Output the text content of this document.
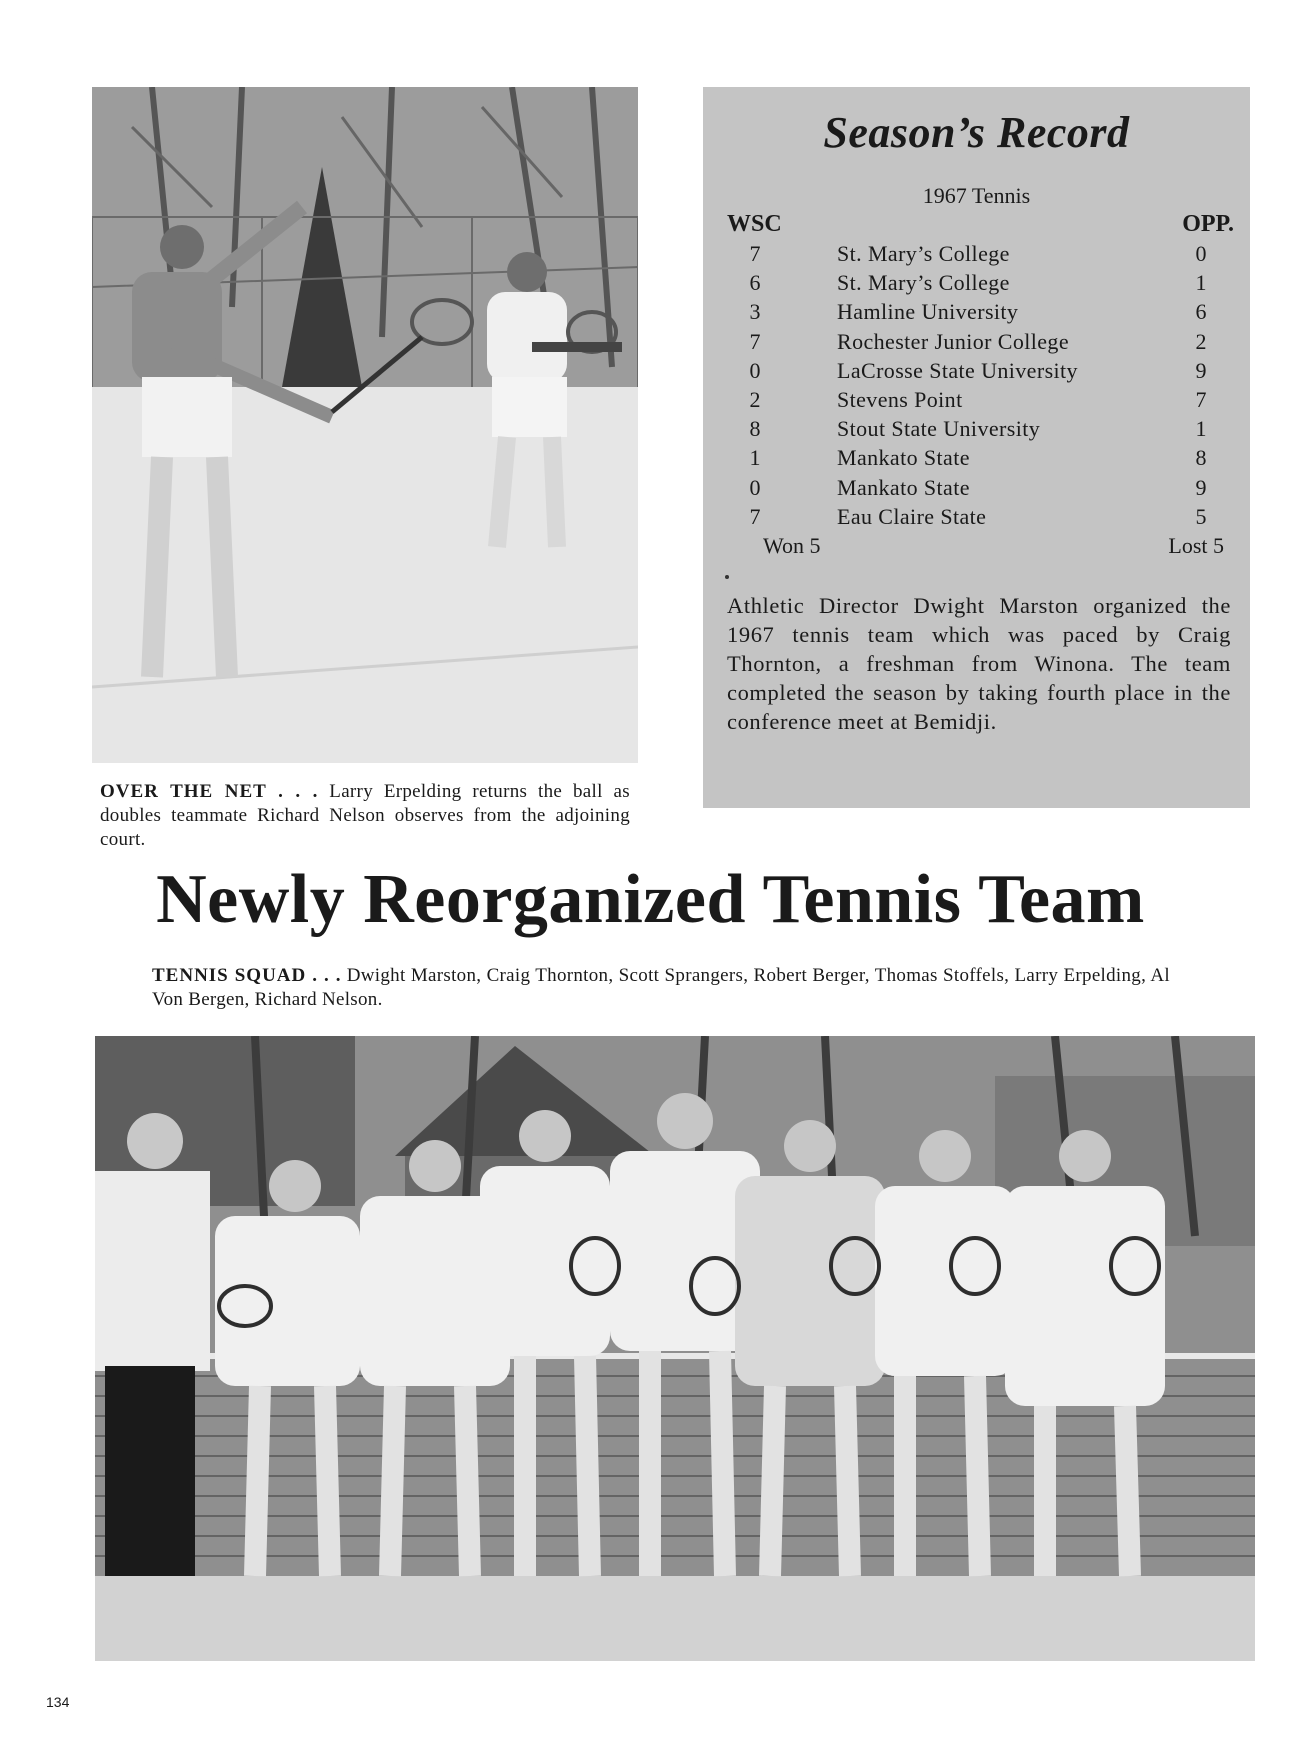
OVER THE NET . . . Larry Erpelding returns the ball as doubles teammate Richard Nelson observes from the adjoining court.
Season’s Record
1967 Tennis
WSC	OPP.
7	St. Mary’s College	0
6	St. Mary’s College	1
3	Hamline University	6
7	Rochester Junior College	2
0	LaCrosse State University	9
2	Stevens Point	7
8	Stout State University	1
1	Mankato State	8
0	Mankato State	9
7	Eau Claire State	5
Won 5	Lost 5
Athletic Director Dwight Marston organized the 1967 tennis team which was paced by Craig Thornton, a freshman from Winona. The team completed the season by taking fourth place in the conference meet at Bemidji.
Newly Reorganized Tennis Team
TENNIS SQUAD . . . Dwight Marston, Craig Thornton, Scott Sprangers, Robert Berger, Thomas Stoffels, Larry Erpelding, Al Von Bergen, Richard Nelson.
134
